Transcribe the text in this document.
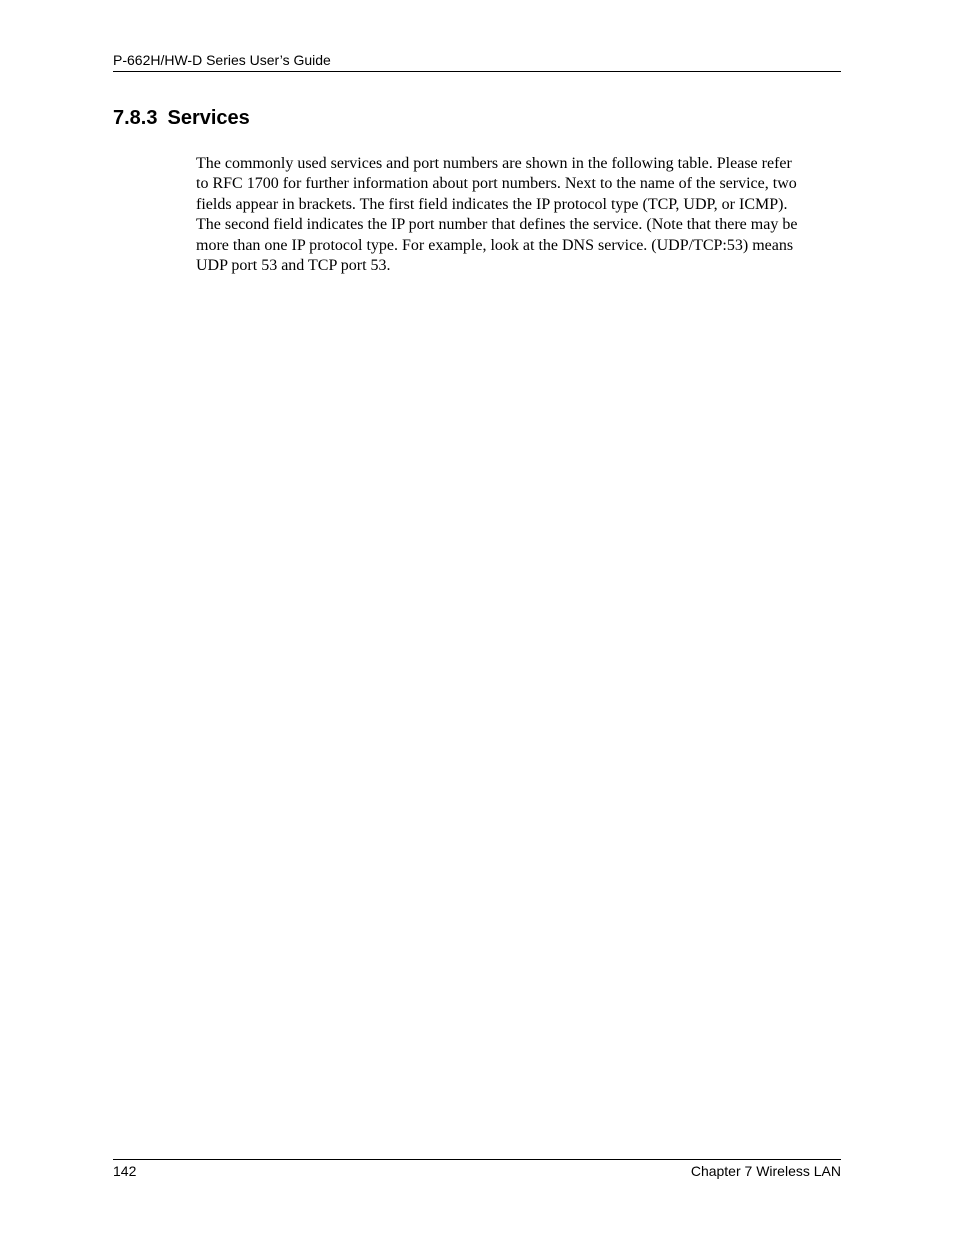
P-662H/HW-D Series User’s Guide
7.8.3 Services

The commonly used services and port numbers are shown in the following table. Please refer
to RFC 1700 for further information about port numbers. Next to the name of the service, two
fields appear in brackets. The first field indicates the IP protocol type (TCP, UDP, or ICMP).
The second field indicates the IP port number that defines the service. (Note that there may be
more than one IP protocol type. For example, look at the DNS service. (UDP/TCP:53) means
UDP port 53 and TCP port 53.

142	Chapter 7 Wireless LAN
